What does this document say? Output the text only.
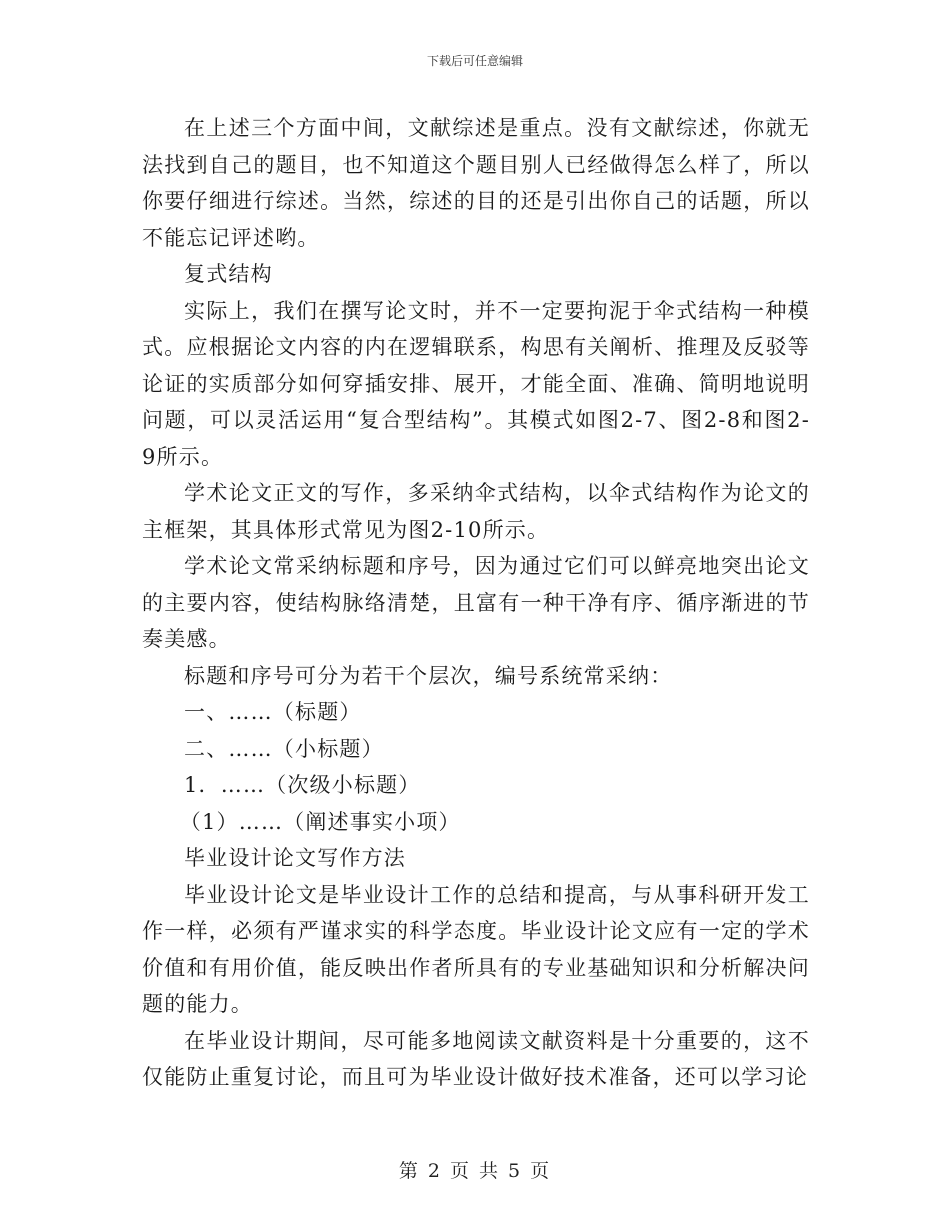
下载后可任意编辑

在上述三个方面中间，文献综述是重点。没有文献综述，你就无法找到自己的题目，也不知道这个题目别人已经做得怎么样了，所以你要仔细进行综述。当然，综述的目的还是引出你自己的话题，所以不能忘记评述哟。

复式结构

实际上，我们在撰写论文时，并不一定要拘泥于伞式结构一种模式。应根据论文内容的内在逻辑联系，构思有关阐析、推理及反驳等论证的实质部分如何穿插安排、展开，才能全面、准确、简明地说明问题，可以灵活运用“复合型结构”。其模式如图2-7、图2-8和图2-9所示。

学术论文正文的写作，多采纳伞式结构，以伞式结构作为论文的主框架，其具体形式常见为图2-10所示。

学术论文常采纳标题和序号，因为通过它们可以鲜亮地突出论文的主要内容，使结构脉络清楚，且富有一种干净有序、循序渐进的节奏美感。

标题和序号可分为若干个层次，编号系统常采纳：

一、……（标题）

二、……（小标题）

1．……（次级小标题）

（1）……（阐述事实小项）

毕业设计论文写作方法

毕业设计论文是毕业设计工作的总结和提高，与从事科研开发工作一样，必须有严谨求实的科学态度。毕业设计论文应有一定的学术价值和有用价值，能反映出作者所具有的专业基础知识和分析解决问题的能力。

在毕业设计期间，尽可能多地阅读文献资料是十分重要的，这不仅能防止重复讨论，而且可为毕业设计做好技术准备，还可以学习论

第 2 页 共 5 页
